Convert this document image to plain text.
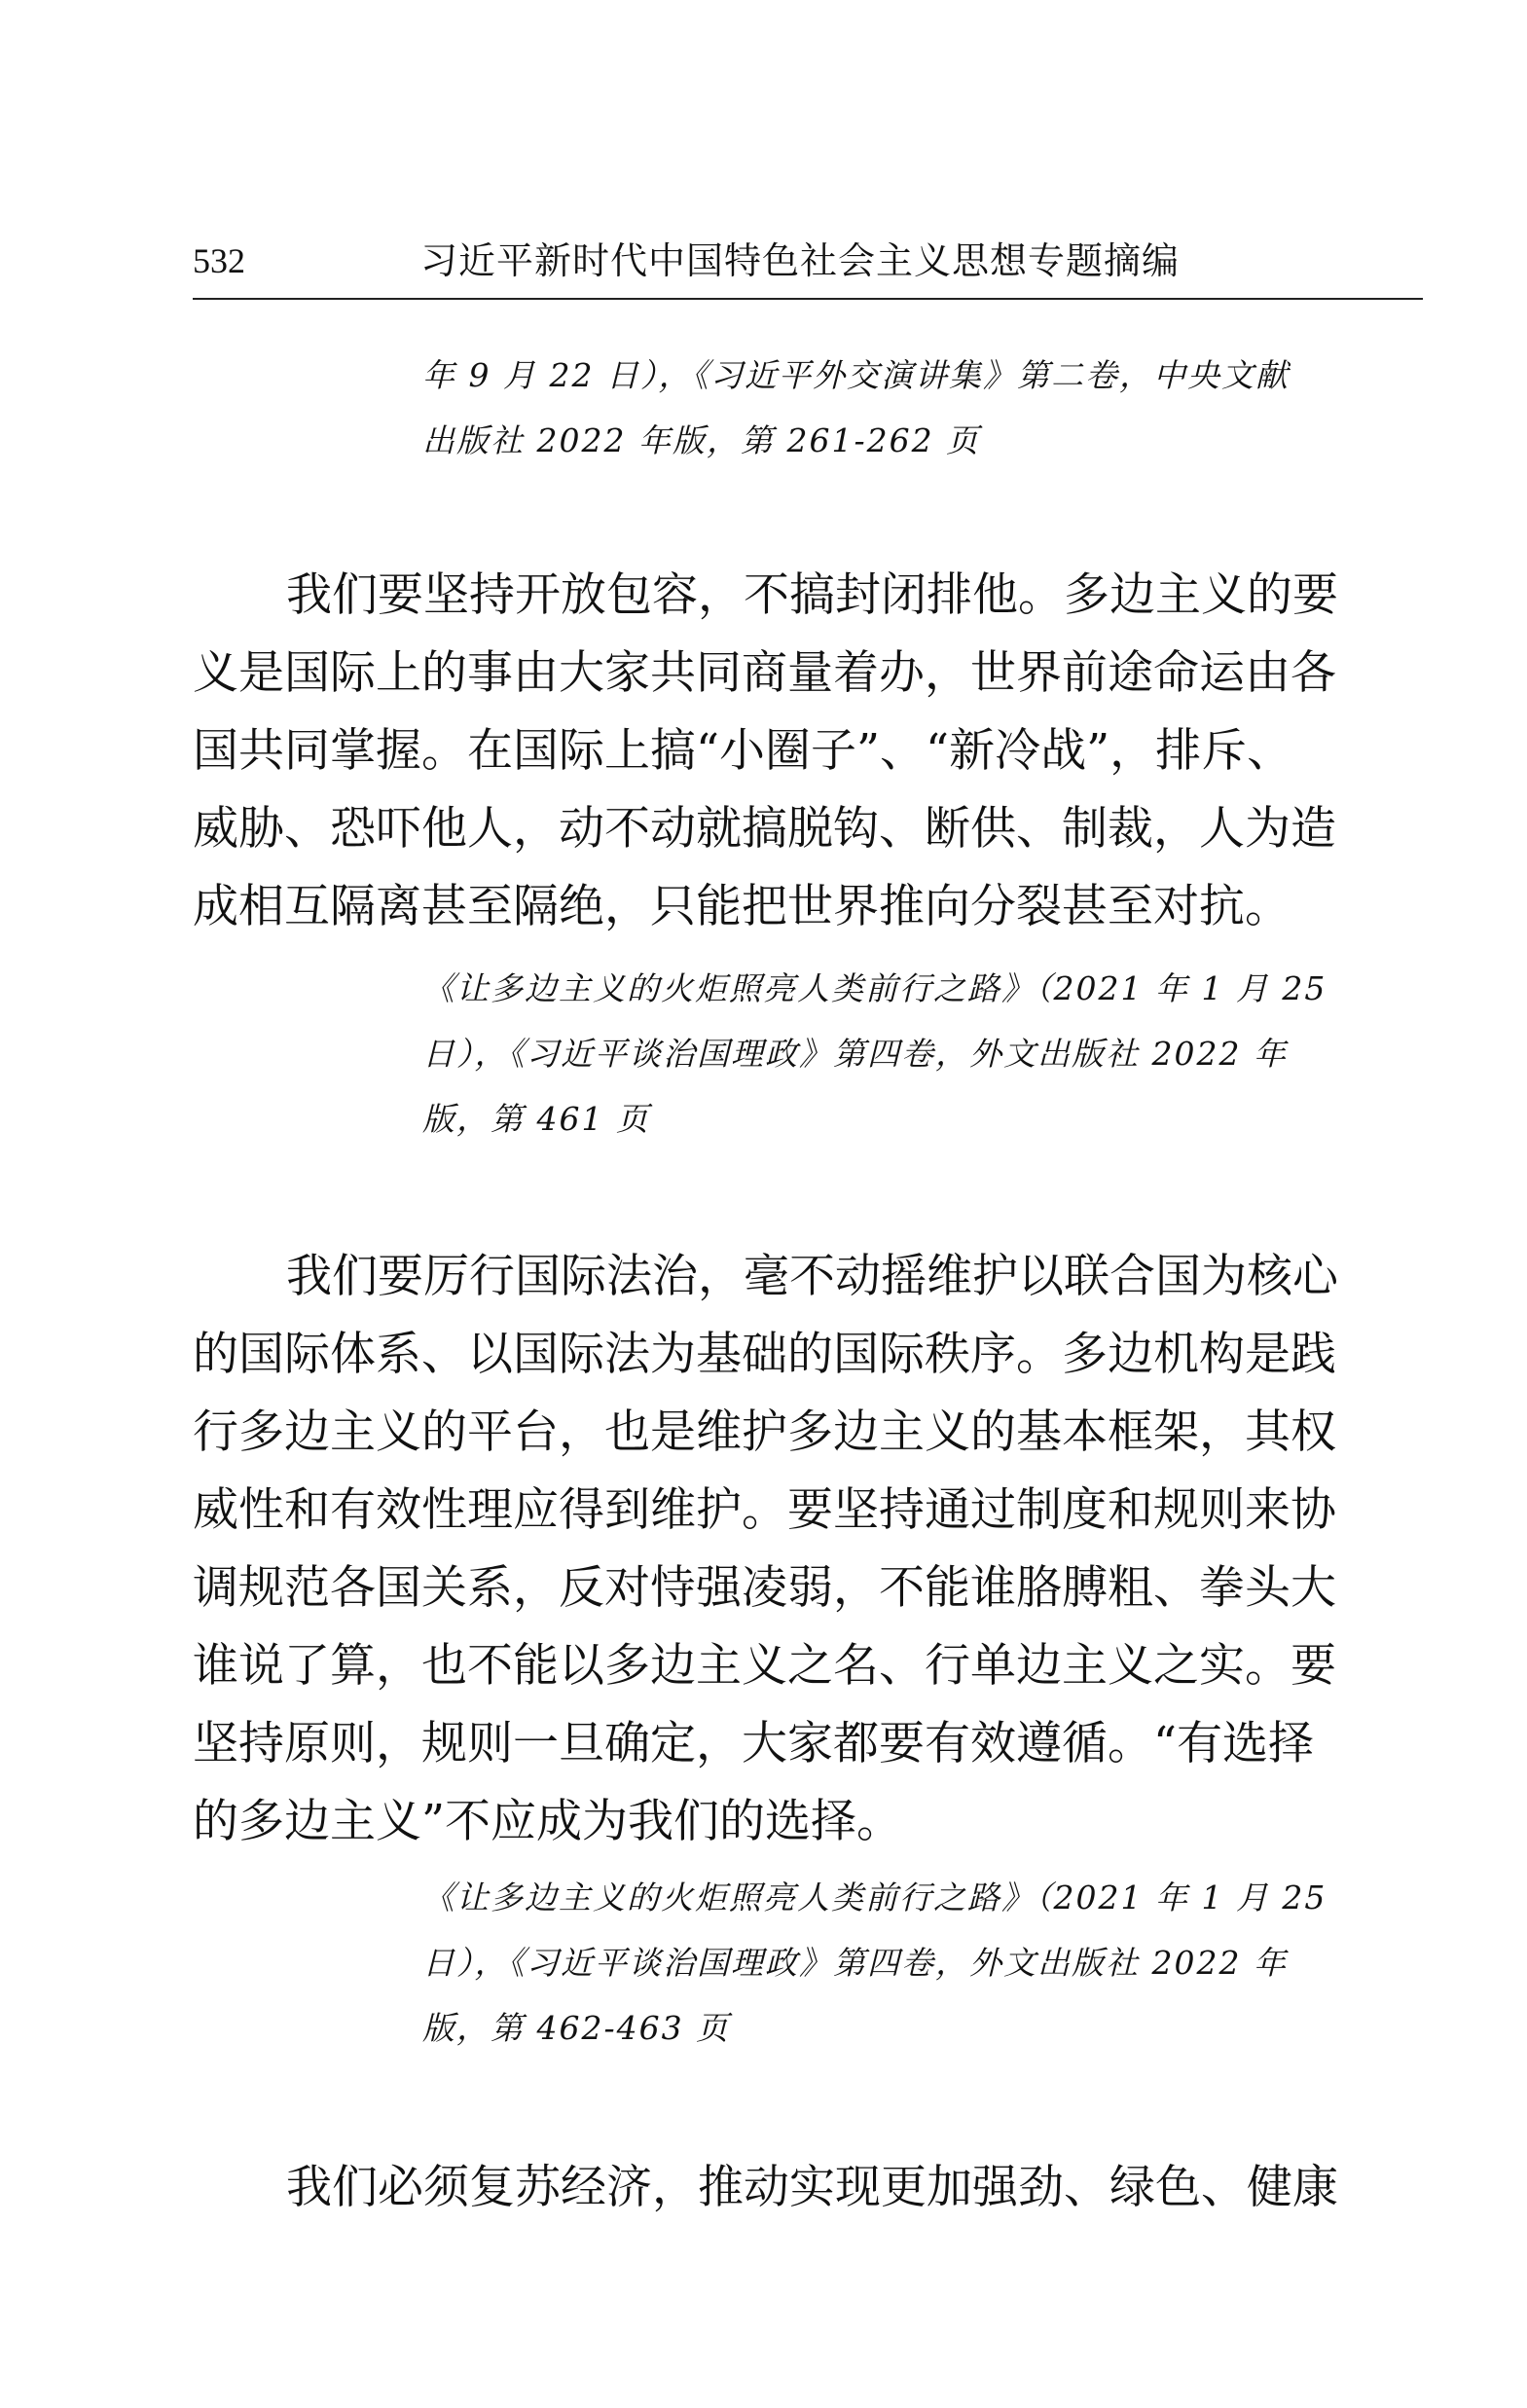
532	习近平新时代中国特色社会主义思想专题摘编
年 9 月 22 日），《习近平外交演讲集》第二卷，中央文献
出版社 2022 年版，第 261-262 页
我们要坚持开放包容，不搞封闭排他。多边主义的要
义是国际上的事由大家共同商量着办，世界前途命运由各
国共同掌握。在国际上搞“小圈子”、“新冷战”，排斥、
威胁、恐吓他人，动不动就搞脱钩、断供、制裁，人为造
成相互隔离甚至隔绝，只能把世界推向分裂甚至对抗。
《让多边主义的火炬照亮人类前行之路》（2021 年 1 月 25
日），《习近平谈治国理政》第四卷，外文出版社 2022 年
版，第 461 页
我们要厉行国际法治，毫不动摇维护以联合国为核心
的国际体系、以国际法为基础的国际秩序。多边机构是践
行多边主义的平台，也是维护多边主义的基本框架，其权
威性和有效性理应得到维护。要坚持通过制度和规则来协
调规范各国关系，反对恃强凌弱，不能谁胳膊粗、拳头大
谁说了算，也不能以多边主义之名、行单边主义之实。要
坚持原则，规则一旦确定，大家都要有效遵循。“有选择
的多边主义”不应成为我们的选择。
《让多边主义的火炬照亮人类前行之路》（2021 年 1 月 25
日），《习近平谈治国理政》第四卷，外文出版社 2022 年
版，第 462-463 页
我们必须复苏经济，推动实现更加强劲、绿色、健康
